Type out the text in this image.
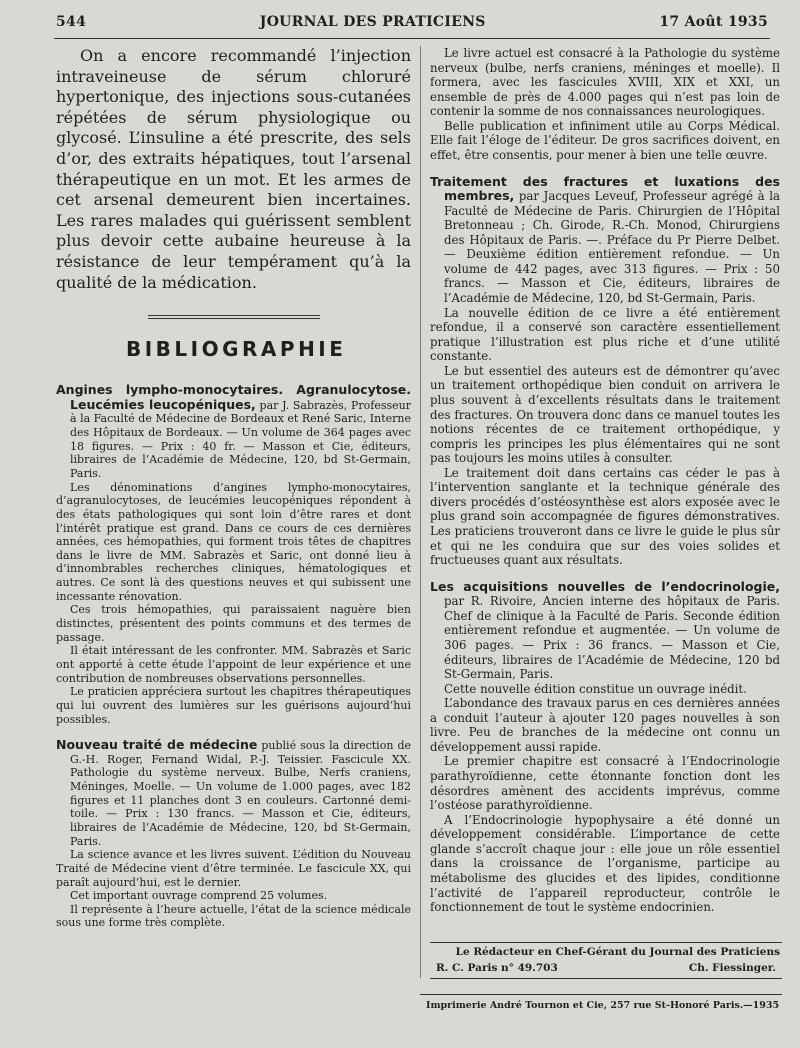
544	JOURNAL DES PRATICIENS	17 Août 1935

On a encore recommandé l’injection intraveineuse de sérum chloruré hypertonique, des injections sous-cutanées répétées de sérum physiologique ou glycosé. L’insuline a été prescrite, des sels d’or, des extraits hépatiques, tout l’arsenal thérapeutique en un mot. Et les armes de cet arsenal demeurent bien incertaines. Les rares malades qui guérissent semblent plus devoir cette aubaine heureuse à la résistance de leur tempérament qu’à la qualité de la médication.

BIBLIOGRAPHIE

Angines lympho-monocytaires. Agranulocytose. Leucémies leucopéniques, par J. Sabrazès, Professeur à la Faculté de Médecine de Bordeaux et René Saric, Interne des Hôpitaux de Bordeaux. — Un volume de 364 pages avec 18 figures. — Prix : 40 fr. — Masson et Cie, éditeurs, libraires de l’Académie de Médecine, 120, bd St-Germain, Paris.

Les dénominations d’angines lympho-monocytaires, d’agranulocytoses, de leucémies leucopéniques répondent à des états pathologiques qui sont loin d’être rares et dont l’intérêt pratique est grand. Dans ce cours de ces dernières années, ces hémopathies, qui forment trois têtes de chapitres dans le livre de MM. Sabrazès et Saric, ont donné lieu à d’innombrables recherches cliniques, hématologiques et autres. Ce sont là des questions neuves et qui subissent une incessante rénovation.

Ces trois hémopathies, qui paraissaient naguère bien distinctes, présentent des points communs et des termes de passage.

Il était intéressant de les confronter. MM. Sabrazès et Saric ont apporté à cette étude l’appoint de leur expérience et une contribution de nombreuses observations personnelles.

Le praticien appréciera surtout les chapitres thérapeutiques qui lui ouvrent des lumières sur les guérisons aujourd’hui possibles.

Nouveau traité de médecine publié sous la direction de G.-H. Roger, Fernand Widal, P.-J. Teissier. Fascicule XX. Pathologie du système nerveux. Bulbe, Nerfs craniens, Méninges, Moelle. — Un volume de 1.000 pages, avec 182 figures et 11 planches dont 3 en couleurs. Cartonné demi-toile. — Prix : 130 francs. — Masson et Cie, éditeurs, libraires de l’Académie de Médecine, 120, bd St-Germain, Paris.

La science avance et les livres suivent. L’édition du Nouveau Traité de Médecine vient d’être terminée. Le fascicule XX, qui paraît aujourd’hui, est le dernier.

Cet important ouvrage comprend 25 volumes.

Il représente à l’heure actuelle, l’état de la science médicale sous une forme très complète.

Le livre actuel est consacré à la Pathologie du système nerveux (bulbe, nerfs craniens, méninges et moelle). Il formera, avec les fascicules XVIII, XIX et XXI, un ensemble de près de 4.000 pages qui n’est pas loin de contenir la somme de nos connaissances neurologiques.

Belle publication et infiniment utile au Corps Médical. Elle fait l’éloge de l’éditeur. De gros sacrifices doivent, en effet, être consentis, pour mener à bien une telle œuvre.

Traitement des fractures et luxations des membres, par Jacques Leveuf, Professeur agrégé à la Faculté de Médecine de Paris. Chirurgien de l’Hôpital Bretonneau ; Ch. Girode, R.-Ch. Monod, Chirurgiens des Hôpitaux de Paris. —. Préface du Pr Pierre Delbet. — Deuxième édition entièrement refondue. — Un volume de 442 pages, avec 313 figures. — Prix : 50 francs. — Masson et Cie, éditeurs, libraires de l’Académie de Médecine, 120, bd St-Germain, Paris.

La nouvelle édition de ce livre a été entièrement refondue, il a conservé son caractère essentiellement pratique l’illustration est plus riche et d’une utilité constante.

Le but essentiel des auteurs est de démontrer qu’avec un traitement orthopédique bien conduit on arrivera le plus souvent à d’excellents résultats dans le traitement des fractures. On trouvera donc dans ce manuel toutes les notions récentes de ce traitement orthopédique, y compris les principes les plus élémentaires qui ne sont pas toujours les moins utiles à consulter.

Le traitement doit dans certains cas céder le pas à l’intervention sanglante et la technique générale des divers procédés d’ostéosynthèse est alors exposée avec le plus grand soin accompagnée de figures démonstratives. Les praticiens trouveront dans ce livre le guide le plus sûr et qui ne les conduira que sur des voies solides et fructueuses quant aux résultats.

Les acquisitions nouvelles de l’endocrinologie, par R. Rivoire, Ancien interne des hôpitaux de Paris. Chef de clinique à la Faculté de Paris. Seconde édition entièrement refondue et augmentée. — Un volume de 306 pages. — Prix : 36 francs. — Masson et Cie, éditeurs, libraires de l’Académie de Médecine, 120 bd St-Germain, Paris.

Cette nouvelle édition constitue un ouvrage inédit.

L’abondance des travaux parus en ces dernières années a conduit l’auteur à ajouter 120 pages nouvelles à son livre. Peu de branches de la médecine ont connu un développement aussi rapide.

Le premier chapitre est consacré à l’Endocrinologie parathyroïdienne, cette étonnante fonction dont les désordres amènent des accidents imprévus, comme l’ostéose parathyroïdienne.

A l’Endocrinologie hypophysaire a été donné un développement considérable. L’importance de cette glande s’accroît chaque jour : elle joue un rôle essentiel dans la croissance de l’organisme, participe au métabolisme des glucides et des lipides, conditionne l’activité de l’appareil reproducteur, contrôle le fonctionnement de tout le système endocrinien.

Le Rédacteur en Chef-Gérant du Journal des Praticiens
R. C. Paris n° 49.703	Ch. Fiessinger.
Imprimerie André Tournon et Cie, 257 rue St-Honoré Paris.—1935
